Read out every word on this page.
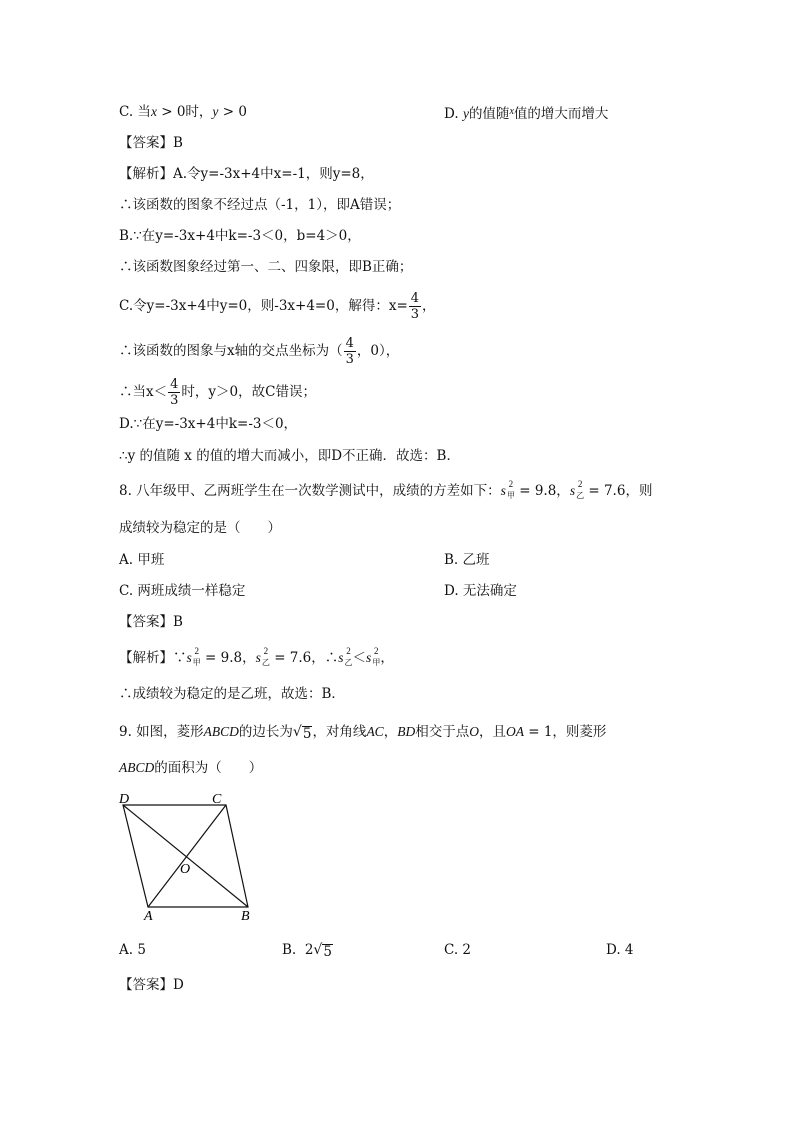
C. 当x > 0时，y > 0	D. y的值随$^x$值的增大而增大
【答案】B
【解析】A.令y=-3x+4中x=-1，则y=8，
∴该函数的图象不经过点（-1，1），即A错误；
B.∵在y=-3x+4中k=-3＜0，b=4＞0，
∴该函数图象经过第一、二、四象限，即B正确；
C.令y=-3x+4中y=0，则-3x+4=0，解得：$x= \frac{4}{3}$ ，
∴该函数的图象与x轴的交点坐标为（ $\frac{4}{3}$ ，0），
∴当$x< \frac{4}{3}$ 时，y＞0，故C错误；
D.∵在y=-3x+4中k=-3＜0，
∴y 的值随 x 的值的增大而减小，即D不正确．故选：B．
8. 八年级甲、乙两班学生在一次数学测试中，成绩的方差如下：s 2
$_甲$ = 9.8，s 2
$_乙$ = 7.6，则
成绩较为稳定的是（　　）
A. 甲班	B. 乙班
C. 两班成绩一样稳定	D. 无法确定
【答案】B
【解析】∵s 2
$_甲$ = 9.8，s 2
$_乙$ = 7.6，∴s 2
$_乙$＜s 2
$_甲$，
∴成绩较为稳定的是乙班，故选：B．
9. 如图，菱形ABCD的边长为 √ 5 ，对角线AC，BD相交于点O，且OA = 1，则菱形
ABCD的面积为（　　）
D	C
O
A	B
A. 5	B. 2 √ 5	C. 2	D. 4
【答案】D
